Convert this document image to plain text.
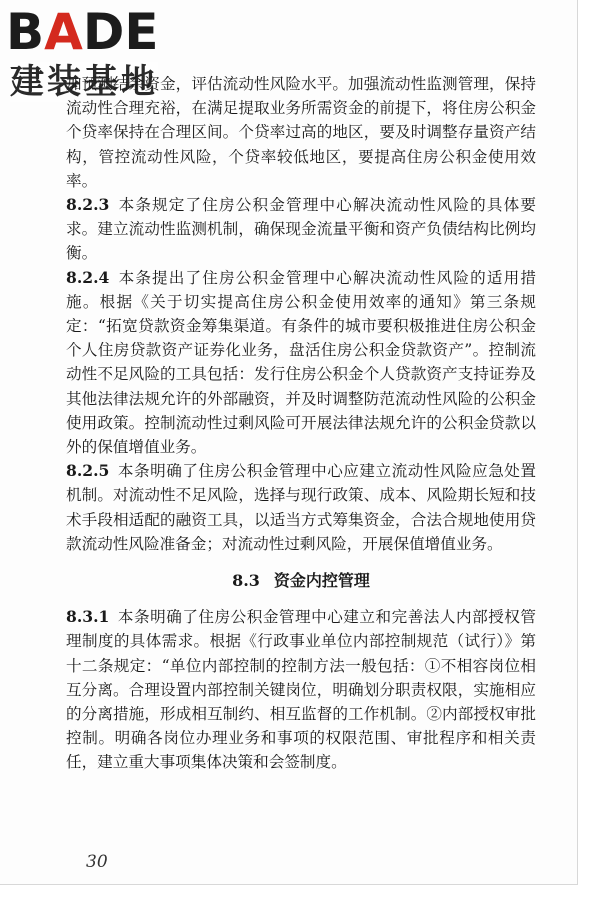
BADE
建装基地

加预测结余资金，评估流动性风险水平。加强流动性监测管理，保持流动性合理充裕，在满足提取业务所需资金的前提下，将住房公积金个贷率保持在合理区间。个贷率过高的地区，要及时调整存量资产结构，管控流动性风险，个贷率较低地区，要提高住房公积金使用效率。

8.2.3 本条规定了住房公积金管理中心解决流动性风险的具体要求。建立流动性监测机制，确保现金流量平衡和资产负债结构比例均衡。

8.2.4 本条提出了住房公积金管理中心解决流动性风险的适用措施。根据《关于切实提高住房公积金使用效率的通知》第三条规定：“拓宽贷款资金筹集渠道。有条件的城市要积极推进住房公积金个人住房贷款资产证券化业务，盘活住房公积金贷款资产”。控制流动性不足风险的工具包括：发行住房公积金个人贷款资产支持证券及其他法律法规允许的外部融资，并及时调整防范流动性风险的公积金使用政策。控制流动性过剩风险可开展法律法规允许的公积金贷款以外的保值增值业务。

8.2.5 本条明确了住房公积金管理中心应建立流动性风险应急处置机制。对流动性不足风险，选择与现行政策、成本、风险期长短和技术手段相适配的融资工具，以适当方式筹集资金，合法合规地使用贷款流动性风险准备金；对流动性过剩风险，开展保值增值业务。

8.3 资金内控管理

8.3.1 本条明确了住房公积金管理中心建立和完善法人内部授权管理制度的具体需求。根据《行政事业单位内部控制规范（试行）》第十二条规定：“单位内部控制的控制方法一般包括：①不相容岗位相互分离。合理设置内部控制关键岗位，明确划分职责权限，实施相应的分离措施，形成相互制约、相互监督的工作机制。②内部授权审批控制。明确各岗位办理业务和事项的权限范围、审批程序和相关责任，建立重大事项集体决策和会签制度。

30
